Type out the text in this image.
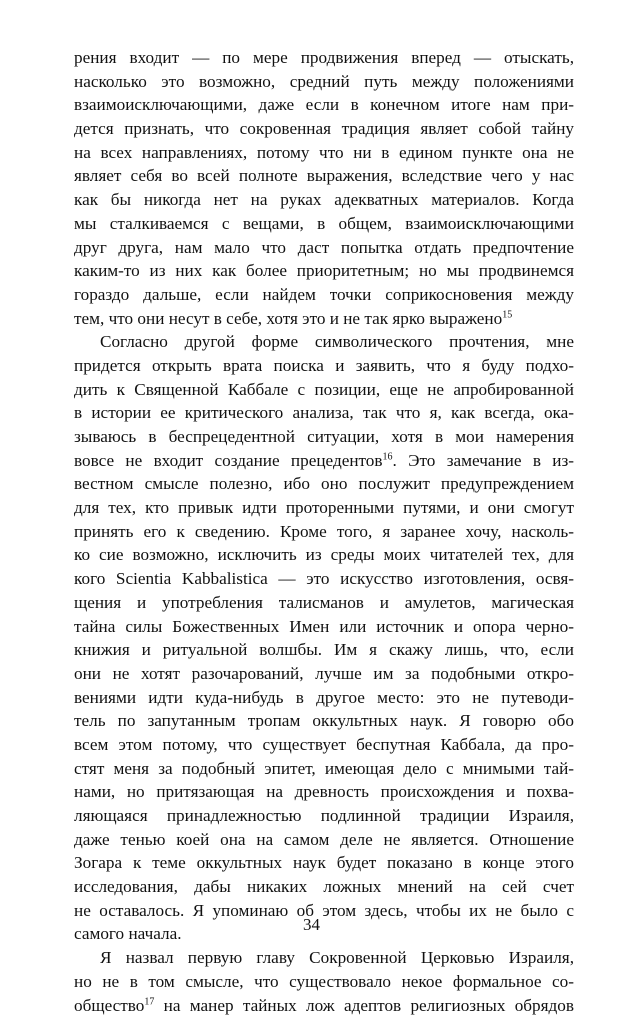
рения входит — по мере продвижения вперед — отыскать,
насколько это возможно, средний путь между положениями
взаимоисключающими, даже если в конечном итоге нам при-
дется признать, что сокровенная традиция являет собой тайну
на всех направлениях, потому что ни в едином пункте она не
являет себя во всей полноте выражения, вследствие чего у нас
как бы никогда нет на руках адекватных материалов. Когда
мы сталкиваемся с вещами, в общем, взаимоисключающими
друг друга, нам мало что даст попытка отдать предпочтение
каким-то из них как более приоритетным; но мы продвинемся
гораздо дальше, если найдем точки соприкосновения между
тем, что они несут в себе, хотя это и не так ярко выражено$^{15}$
Согласно другой форме символического прочтения, мне
придется открыть врата поиска и заявить, что я буду подхо-
дить к Священной Каббале с позиции, еще не апробированной
в истории ее критического анализа, так что я, как всегда, ока-
зываюсь в беспрецедентной ситуации, хотя в мои намерения
вовсе не входит создание прецедентов$^{16}$. Это замечание в из-
вестном смысле полезно, ибо оно послужит предупреждением
для тех, кто привык идти проторенными путями, и они смогут
принять его к сведению. Кроме того, я заранее хочу, насколь-
ко сие возможно, исключить из среды моих читателей тех, для
кого Scientia Kabbalistica — это искусство изготовления, освя-
щения и употребления талисманов и амулетов, магическая
тайна силы Божественных Имен или источник и опора черно-
книжия и ритуальной волшбы. Им я скажу лишь, что, если
они не хотят разочарований, лучше им за подобными откро-
вениями идти куда-нибудь в другое место: это не путеводи-
тель по запутанным тропам оккультных наук. Я говорю обо
всем этом потому, что существует беспутная Каббала, да про-
стят меня за подобный эпитет, имеющая дело с мнимыми тай-
нами, но притязающая на древность происхождения и похва-
ляющаяся принадлежностью подлинной традиции Израиля,
даже тенью коей она на самом деле не является. Отношение
Зогара к теме оккультных наук будет показано в конце этого
исследования, дабы никаких ложных мнений на сей счет
не оставалось. Я упоминаю об этом здесь, чтобы их не было с
самого начала.
Я назвал первую главу Сокровенной Церковью Израиля,
но не в том смысле, что существовало некое формальное со-
общество$^{17}$ на манер тайных лож адептов религиозных обрядов
34
